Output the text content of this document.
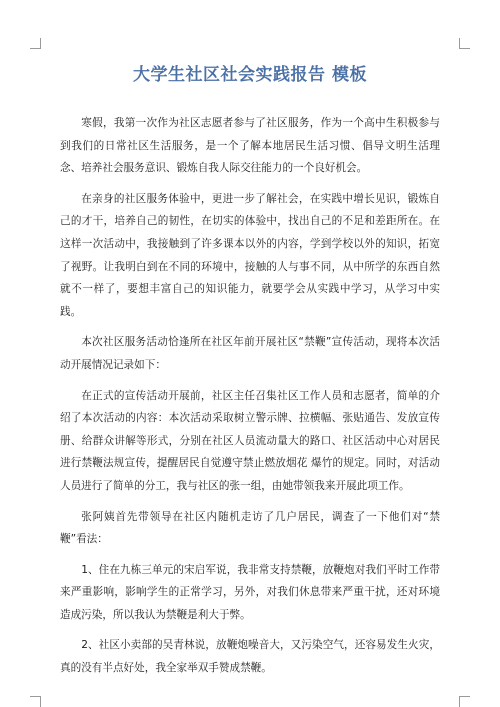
大学生社区社会实践报告 模板

寒假，我第一次作为社区志愿者参与了社区服务，作为一个高中生积极参与到我们的日常社区生活服务，是一个了解本地居民生活习惯、倡导文明生活理念、培养社会服务意识、锻炼自我人际交往能力的一个良好机会。

在亲身的社区服务体验中，更进一步了解社会，在实践中增长见识，锻炼自己的才干，培养自己的韧性，在切实的体验中，找出自己的不足和差距所在。在这样一次活动中，我接触到了许多课本以外的内容，学到学校以外的知识，拓宽了视野。让我明白到在不同的环境中，接触的人与事不同，从中所学的东西自然就不一样了，要想丰富自己的知识能力，就要学会从实践中学习，从学习中实践。

本次社区服务活动恰逢所在社区年前开展社区“禁鞭”宣传活动，现将本次活动开展情况记录如下：

在正式的宣传活动开展前，社区主任召集社区工作人员和志愿者，简单的介绍了本次活动的内容：本次活动采取树立警示牌、拉横幅、张贴通告、发放宣传册、给群众讲解等形式，分别在社区人员流动量大的路口、社区活动中心对居民进行禁鞭法规宣传，提醒居民自觉遵守禁止燃放烟花 爆竹的规定。同时，对活动人员进行了简单的分工，我与社区的张一组，由她带领我来开展此项工作。

张阿姨首先带领导在社区内随机走访了几户居民，调查了一下他们对“禁鞭”看法：

1、住在九栋三单元的宋启军说，我非常支持禁鞭，放鞭炮对我们平时工作带来严重影响，影响学生的正常学习，另外，对我们休息带来严重干扰，还对环境造成污染，所以我认为禁鞭是利大于弊。

2、社区小卖部的吴青林说，放鞭炮噪音大，又污染空气，还容易发生火灾，真的没有半点好处，我全家举双手赞成禁鞭。
